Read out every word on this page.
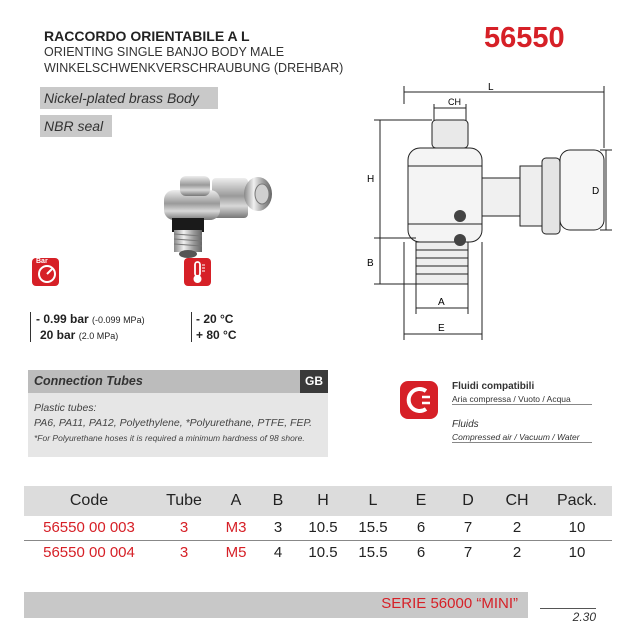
RACCORDO ORIENTABILE A L
ORIENTING SINGLE BANJO BODY MALE
WINKELSCHWENKVERSCHRAUBUNG (DREHBAR)
56550
Nickel-plated brass Body
NBR seal
Bar
- 0.99 bar (-0.099 MPa)
20 bar (2.0 MPa)
- 20 °C
+ 80 °C
L
CH
H
B
D
A
E
Connection Tubes	GB
Plastic tubes:
PA6, PA11, PA12, Polyethylene, *Polyurethane, PTFE, FEP.
*For Polyurethane hoses it is required a minimum hardness of 98 shore.
Fluidi compatibili
Aria compressa / Vuoto / Acqua
Fluids
Compressed air / Vacuum / Water
Code	Tube	A	B	H	L	E	D	CH	Pack.
56550 00 003	3	M3	3	10.5	15.5	6	7	2	10
56550 00 004	3	M5	4	10.5	15.5	6	7	2	10
SERIE 56000 “MINI”
2.30
